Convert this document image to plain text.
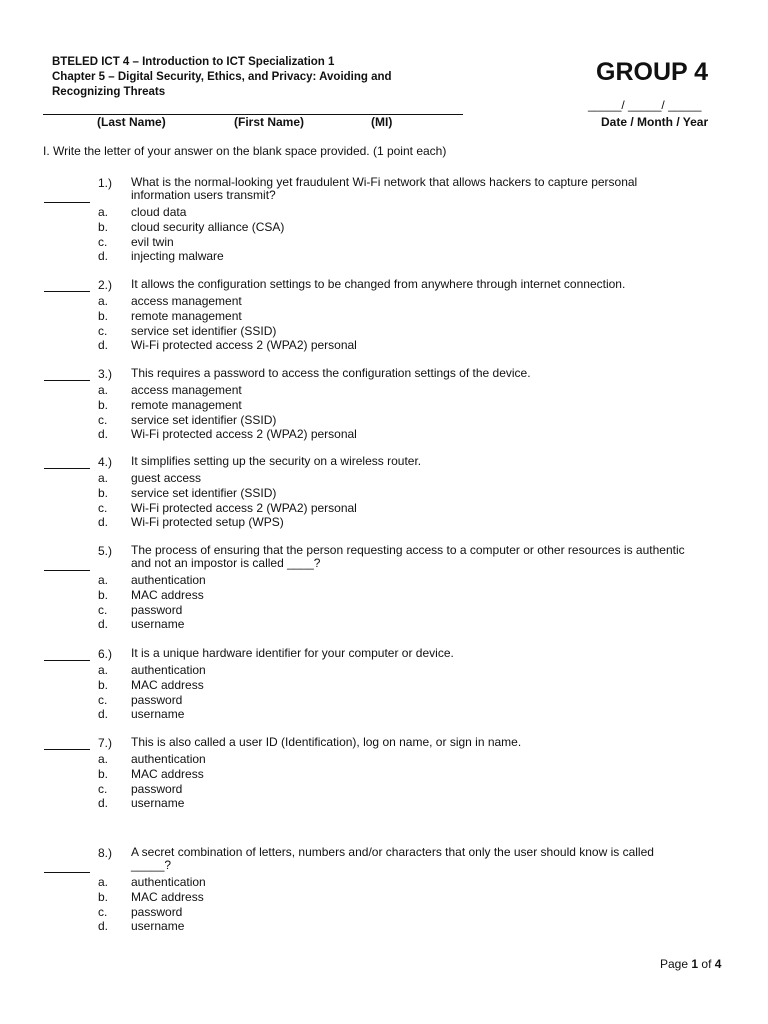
BTELED ICT 4 – Introduction to ICT Specialization 1
Chapter 5 – Digital Security, Ethics, and Privacy: Avoiding and
Recognizing Threats
GROUP 4
(Last Name)	(First Name)	(MI)
_____/ _____/ _____
Date / Month / Year
I. Write the letter of your answer on the blank space provided. (1 point each)
1.) What is the normal-looking yet fraudulent Wi-Fi network that allows hackers to capture personal information users transmit?
a. cloud data
b. cloud security alliance (CSA)
c. evil twin
d. injecting malware
2.) It allows the configuration settings to be changed from anywhere through internet connection.
a. access management
b. remote management
c. service set identifier (SSID)
d. Wi-Fi protected access 2 (WPA2) personal
3.) This requires a password to access the configuration settings of the device.
a. access management
b. remote management
c. service set identifier (SSID)
d. Wi-Fi protected access 2 (WPA2) personal
4.) It simplifies setting up the security on a wireless router.
a. guest access
b. service set identifier (SSID)
c. Wi-Fi protected access 2 (WPA2) personal
d. Wi-Fi protected setup (WPS)
5.) The process of ensuring that the person requesting access to a computer or other resources is authentic and not an impostor is called ____?
a. authentication
b. MAC address
c. password
d. username
6.) It is a unique hardware identifier for your computer or device.
a. authentication
b. MAC address
c. password
d. username
7.) This is also called a user ID (Identification), log on name, or sign in name.
a. authentication
b. MAC address
c. password
d. username
8.) A secret combination of letters, numbers and/or characters that only the user should know is called _____?
a. authentication
b. MAC address
c. password
d. username
Page 1 of 4
